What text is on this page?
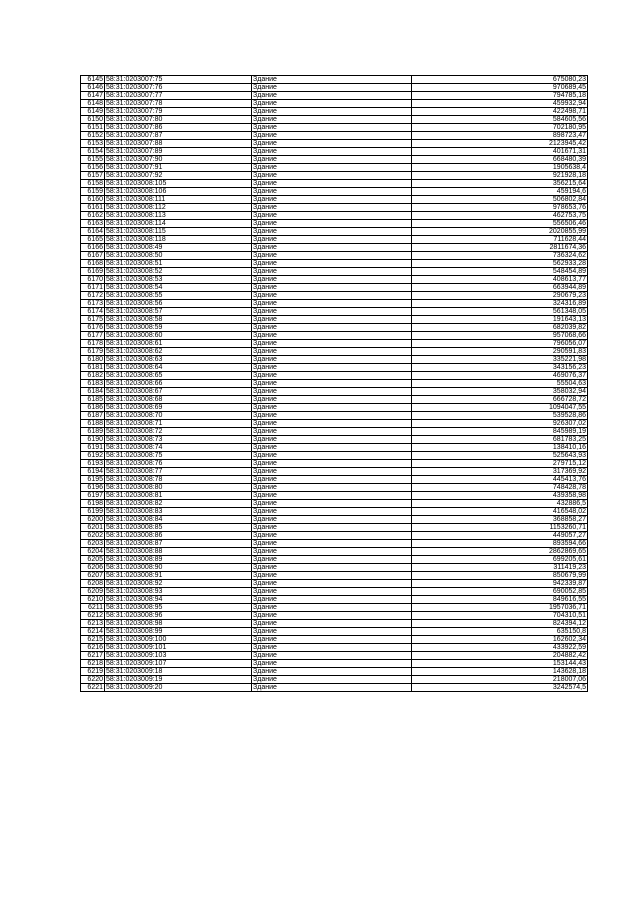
6145	58:31:0203007:75	Здание	675080,23
6146	58:31:0203007:76	Здание	970689,45
6147	58:31:0203007:77	Здание	794785,18
6148	58:31:0203007:78	Здание	459932,94
6149	58:31:0203007:79	Здание	422498,71
6150	58:31:0203007:80	Здание	584605,56
6151	58:31:0203007:86	Здание	702180,95
6152	58:31:0203007:87	Здание	898723,47
6153	58:31:0203007:88	Здание	2123945,42
6154	58:31:0203007:89	Здание	401671,31
6155	58:31:0203007:90	Здание	668480,39
6156	58:31:0203007:91	Здание	1905638,4
6157	58:31:0203007:92	Здание	921928,18
6158	58:31:0203008:105	Здание	356215,64
6159	58:31:0203008:106	Здание	459194,6
6160	58:31:0203008:111	Здание	506802,84
6161	58:31:0203008:112	Здание	978653,76
6162	58:31:0203008:113	Здание	462753,75
6163	58:31:0203008:114	Здание	556506,46
6164	58:31:0203008:115	Здание	2020855,99
6165	58:31:0203008:118	Здание	711628,44
6166	58:31:0203008:49	Здание	2811674,36
6167	58:31:0203008:50	Здание	736324,62
6168	58:31:0203008:51	Здание	562933,28
6169	58:31:0203008:52	Здание	548454,89
6170	58:31:0203008:53	Здание	408613,77
6171	58:31:0203008:54	Здание	663944,89
6172	58:31:0203008:55	Здание	290679,23
6173	58:31:0203008:56	Здание	324316,89
6174	58:31:0203008:57	Здание	561348,05
6175	58:31:0203008:58	Здание	191643,13
6176	58:31:0203008:59	Здание	682039,82
6177	58:31:0203008:60	Здание	957068,66
6178	58:31:0203008:61	Здание	796056,07
6179	58:31:0203008:62	Здание	290591,83
6180	58:31:0203008:63	Здание	335221,98
6181	58:31:0203008:64	Здание	343156,23
6182	58:31:0203008:65	Здание	469076,37
6183	58:31:0203008:66	Здание	55504,63
6184	58:31:0203008:67	Здание	358032,94
6185	58:31:0203008:68	Здание	666728,72
6186	58:31:0203008:69	Здание	1094047,55
6187	58:31:0203008:70	Здание	539528,86
6188	58:31:0203008:71	Здание	926307,02
6189	58:31:0203008:72	Здание	845989,19
6190	58:31:0203008:73	Здание	681783,25
6191	58:31:0203008:74	Здание	138410,16
6192	58:31:0203008:75	Здание	525643,93
6193	58:31:0203008:76	Здание	279715,12
6194	58:31:0203008:77	Здание	317369,92
6195	58:31:0203008:78	Здание	445413,76
6196	58:31:0203008:80	Здание	748428,78
6197	58:31:0203008:81	Здание	439358,98
6198	58:31:0203008:82	Здание	432886,5
6199	58:31:0203008:83	Здание	416548,02
6200	58:31:0203008:84	Здание	368858,27
6201	58:31:0203008:85	Здание	1153260,71
6202	58:31:0203008:86	Здание	449057,27
6203	58:31:0203008:87	Здание	893594,66
6204	58:31:0203008:88	Здание	2862869,65
6205	58:31:0203008:89	Здание	699205,61
6206	58:31:0203008:90	Здание	311419,23
6207	58:31:0203008:91	Здание	850679,99
6208	58:31:0203008:92	Здание	942339,87
6209	58:31:0203008:93	Здание	690052,85
6210	58:31:0203008:94	Здание	849616,55
6211	58:31:0203008:95	Здание	1957036,71
6212	58:31:0203008:96	Здание	704310,51
6213	58:31:0203008:98	Здание	824394,12
6214	58:31:0203008:99	Здание	635150,8
6215	58:31:0203009:100	Здание	162602,34
6216	58:31:0203009:101	Здание	433922,59
6217	58:31:0203009:103	Здание	204882,42
6218	58:31:0203009:107	Здание	153144,43
6219	58:31:0203009:18	Здание	143628,18
6220	58:31:0203009:19	Здание	218007,06
6221	58:31:0203009:20	Здание	3242574,5
